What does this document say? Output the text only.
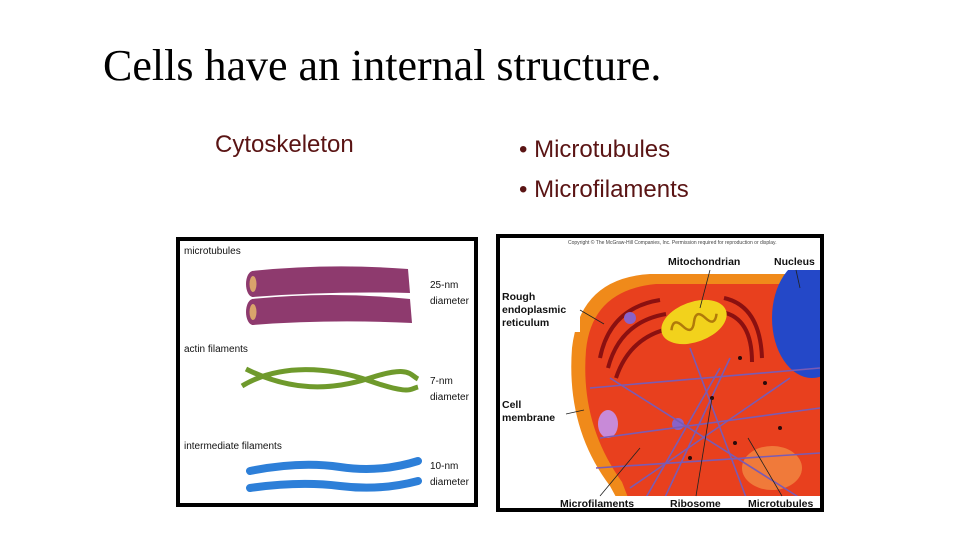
Cells have an internal structure.
Cytoskeleton
•	Microtubules
• Microfilaments
microtubules
actin filaments
intermediate filaments
25-nm
diameter
7-nm
diameter
10-nm
diameter
Copyright © The McGraw-Hill Companies, Inc. Permission required for reproduction or display.
Mitochondrian	Nucleus
Rough
endoplasmic
reticulum
Cell
membrane
Microfilaments	Ribosome	Microtubules
